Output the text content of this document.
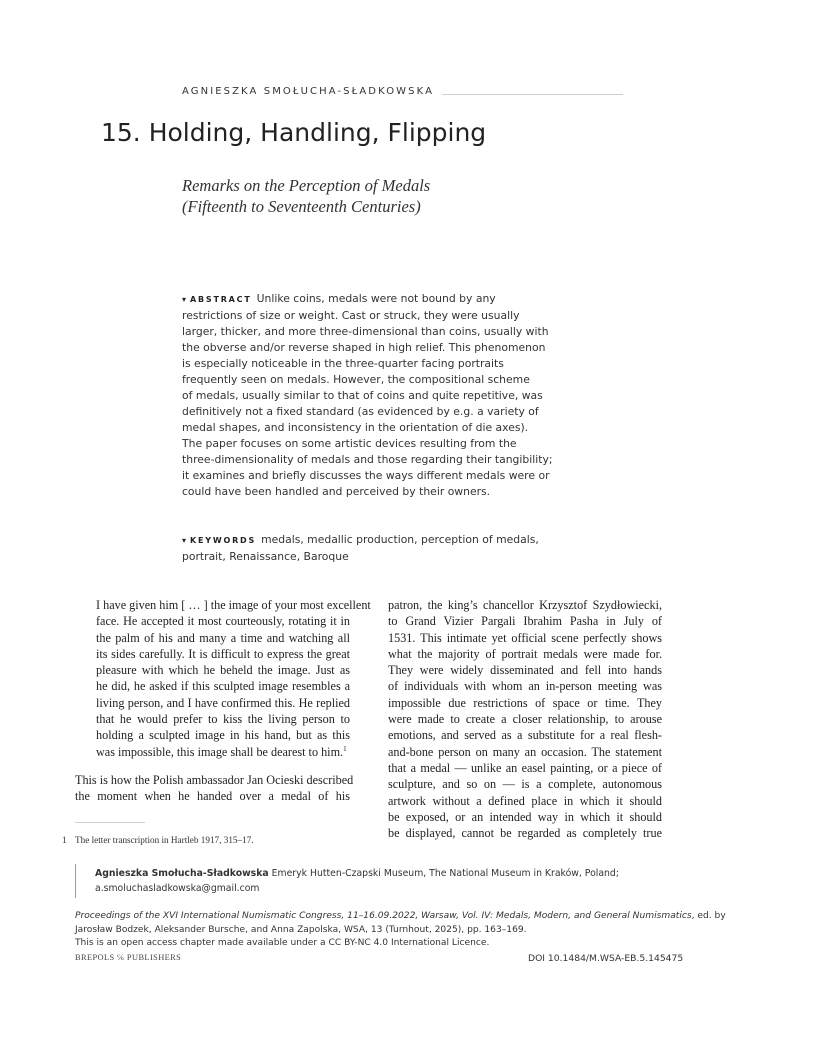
AGNIESZKA SMOŁUCHA-SŁADKOWSKA
15. Holding, Handling, Flipping
Remarks on the Perception of Medals
(Fifteenth to Seventeenth Centuries)
▾ ABSTRACT Unlike coins, medals were not bound by any
restrictions of size or weight. Cast or struck, they were usually
larger, thicker, and more three-dimensional than coins, usually with
the obverse and/or reverse shaped in high relief. This phenomenon
is especially noticeable in the three-quarter facing portraits
frequently seen on medals. However, the compositional scheme
of medals, usually similar to that of coins and quite repetitive, was
definitively not a fixed standard (as evidenced by e.g. a variety of
medal shapes, and inconsistency in the orientation of die axes).
The paper focuses on some artistic devices resulting from the
three-dimensionality of medals and those regarding their tangibility;
it examines and briefly discusses the ways different medals were or
could have been handled and perceived by their owners.
▾ KEYWORDS medals, medallic production, perception of medals,
portrait, Renaissance, Baroque
I have given him [ … ] the image of your most excellent
face. He accepted it most courteously, rotating it in
the palm of his and many a time and watching all
its sides carefully. It is difficult to express the great
pleasure with which he beheld the image. Just as
he did, he asked if this sculpted image resembles a
living person, and I have confirmed this. He replied
that he would prefer to kiss the living person to
holding a sculpted image in his hand, but as this
was impossible, this image shall be dearest to him.$^1$
This is how the Polish ambassador Jan Ocieski described
the moment when he handed over a medal of his
patron, the king’s chancellor Krzysztof Szydłowiecki,
to Grand Vizier Pargali Ibrahim Pasha in July of
1531. This intimate yet official scene perfectly shows
what the majority of portrait medals were made for.
They were widely disseminated and fell into hands
of individuals with whom an in-person meeting was
impossible due restrictions of space or time. They
were made to create a closer relationship, to arouse
emotions, and served as a substitute for a real flesh-
and-bone person on many an occasion. The statement
that a medal — unlike an easel painting, or a piece of
sculpture, and so on — is a complete, autonomous
artwork without a defined place in which it should
be exposed, or an intended way in which it should
be displayed, cannot be regarded as completely true
1 The letter transcription in Hartleb 1917, 315–17.
Agnieszka Smołucha-Sładkowska Emeryk Hutten-Czapski Museum, The National Museum in Kraków, Poland;
a.smoluchasladkowska@gmail.com
Proceedings of the XVI International Numismatic Congress, 11–16.09.2022, Warsaw, Vol. IV: Medals, Modern, and General Numismatics, ed. by
Jarosław Bodzek, Aleksander Bursche, and Anna Zapolska, WSA, 13 (Turnhout, 2025), pp. 163–169.
This is an open access chapter made available under a CC BY-NC 4.0 International Licence.
BREPOLS ℅ PUBLISHERS	DOI 10.1484/M.WSA-EB.5.145475
